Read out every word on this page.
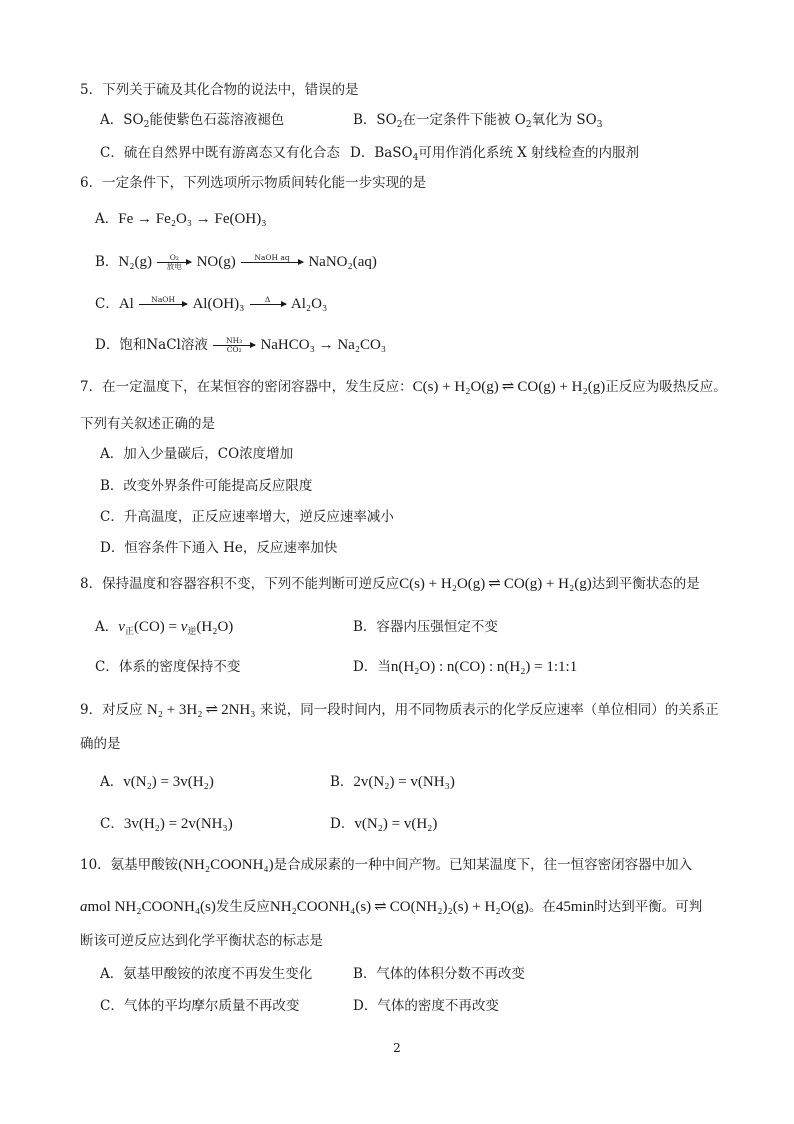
5．下列关于硫及其化合物的说法中，错误的是
A．$SO_2$能使紫色石蕊溶液褪色	B．$SO_2$在一定条件下能被 $O_2$氧化为 $SO_3$
C．硫在自然界中既有游离态又有化合态 D．BaSO$_4$可用作消化系统 X 射线检查的内服剂
6．一定条件下，下列选项所示物质间转化能一步实现的是
A．Fe → Fe₂O₃ → Fe(OH)₃
B．N₂(g)	O₂
放电 NO(g)	NaOH aq	NaNO₂(aq)
C．Al	NaOH	Al(OH)₃	Δ	Al₂O₃
D．饱和NaCl溶液 $\frac{\text{NH₃}}{\text{CO₂}}$ NaHCO₃ → Na₂CO₃
7．在一定温度下，在某恒容的密闭容器中，发生反应：C(s) + H₂O(g) ⇌ CO(g) + H₂(g)正反应为吸热反应。
下列有关叙述正确的是
A．加入少量碳后，CO浓度增加
B．改变外界条件可能提高反应限度
C．升高温度，正反应速率增大，逆反应速率减小
D．恒容条件下通入 He，反应速率加快
8．保持温度和容器容积不变，下列不能判断可逆反应C(s) + H₂O(g) ⇌ CO(g) + H₂(g)达到平衡状态的是
A．$v_正(CO) = v_逆(H_2O)$	B．容器内压强恒定不变
C．体系的密度保持不变	D．当n(H₂O) : n(CO) : n(H₂) = 1:1:1
9．对反应 N₂ + 3H₂ ⇌ 2NH₃ 来说，同一段时间内，用不同物质表示的化学反应速率（单位相同）的关系正
确的是
A．v(N₂) = 3v(H₂)	B．2v(N₂) = v(NH₃)
C．3v(H₂) = 2v(NH₃)	D．v(N₂) = v(H₂)
10．氨基甲酸铵(NH₂COONH₄)是合成尿素的一种中间产物。已知某温度下，往一恒容密闭容器中加入
amol NH₂COONH₄(s)发生反应NH₂COONH₄(s) ⇌ CO(NH₂)₂(s) + H₂O(g)。在45min时达到平衡。可判
断该可逆反应达到化学平衡状态的标志是
A．氨基甲酸铵的浓度不再发生变化	B．气体的体积分数不再改变
C．气体的平均摩尔质量不再改变	D．气体的密度不再改变
2
